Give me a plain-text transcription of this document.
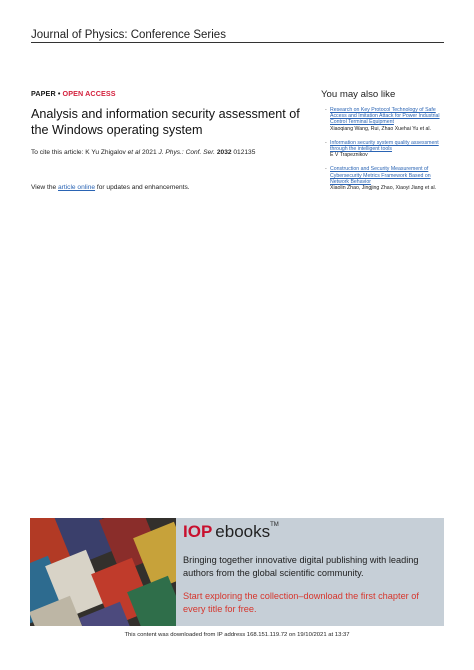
Journal of Physics: Conference Series
PAPER • OPEN ACCESS
Analysis and information security assessment of the Windows operating system
To cite this article: K Yu Zhigalov et al 2021 J. Phys.: Conf. Ser. 2032 012135
View the article online for updates and enhancements.
You may also like
- Research on Key Protocol Technology of Safe Access and Imitation Attack for Power Industrial Control Terminal Equipment
Xiaoqiang Wang, Rui, Zhao Xuehai Yu et al.
- Information security system quality assessment through the intelligent tools
E V Trapeznikov
- Construction and Security Measurement of Cybersecurity Metrics Framework Based on Network Behavior
Xiaolin Zhao, Jingjing Zhao, Xiaoyi Jiang et al.
IOP ebooks™
Bringing together innovative digital publishing with leading authors from the global scientific community.
Start exploring the collection–download the first chapter of every title for free.
This content was downloaded from IP address 168.151.119.72 on 19/10/2021 at 13:37
